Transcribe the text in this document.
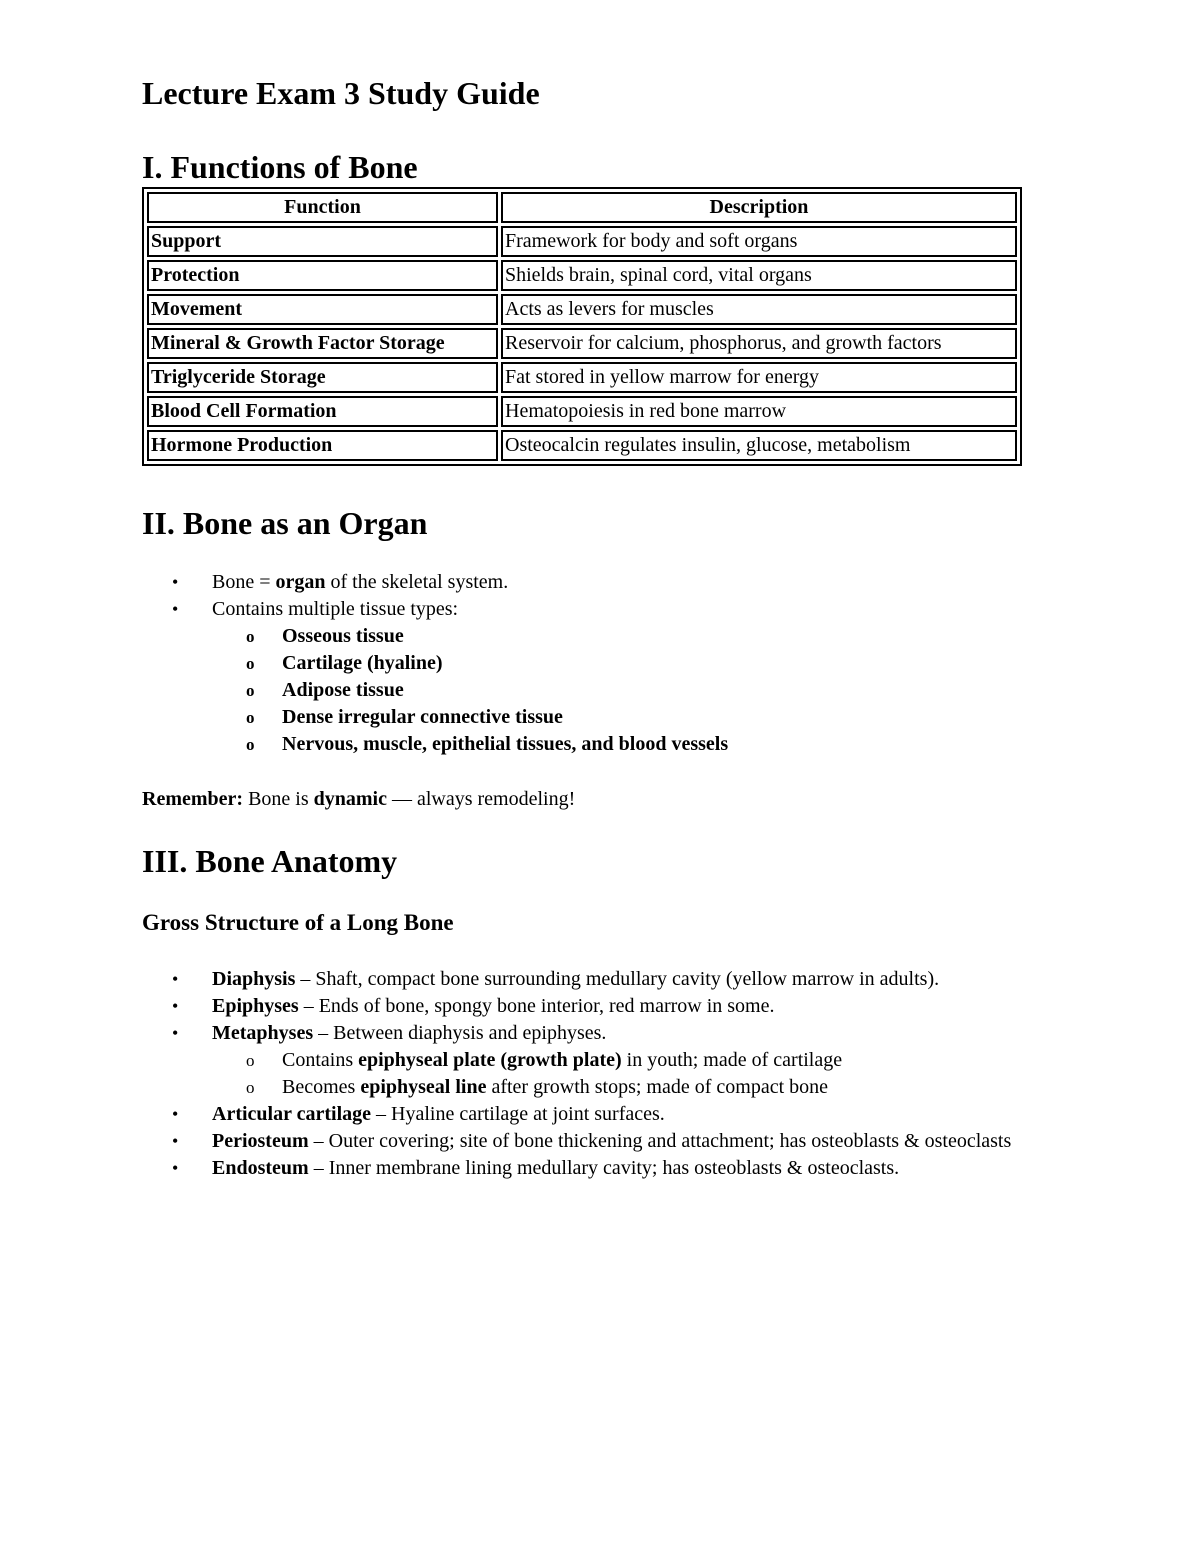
Lecture Exam 3 Study Guide
I. Functions of Bone
Function	Description
Support	Framework for body and soft organs
Protection	Shields brain, spinal cord, vital organs
Movement	Acts as levers for muscles
Mineral & Growth Factor Storage	Reservoir for calcium, phosphorus, and growth factors
Triglyceride Storage	Fat stored in yellow marrow for energy
Blood Cell Formation	Hematopoiesis in red bone marrow
Hormone Production	Osteocalcin regulates insulin, glucose, metabolism
II. Bone as an Organ
• Bone = organ of the skeletal system.
• Contains multiple tissue types:
o Osseous tissue
o Cartilage (hyaline)
o Adipose tissue
o Dense irregular connective tissue
o Nervous, muscle, epithelial tissues, and blood vessels

Remember: Bone is dynamic — always remodeling!

III. Bone Anatomy
Gross Structure of a Long Bone
• Diaphysis – Shaft, compact bone surrounding medullary cavity (yellow marrow in adults).
• Epiphyses – Ends of bone, spongy bone interior, red marrow in some.
• Metaphyses – Between diaphysis and epiphyses.
o Contains epiphyseal plate (growth plate) in youth; made of cartilage
o Becomes epiphyseal line after growth stops; made of compact bone
• Articular cartilage – Hyaline cartilage at joint surfaces.
• Periosteum – Outer covering; site of bone thickening and attachment; has osteoblasts & osteoclasts
• Endosteum – Inner membrane lining medullary cavity; has osteoblasts & osteoclasts.
